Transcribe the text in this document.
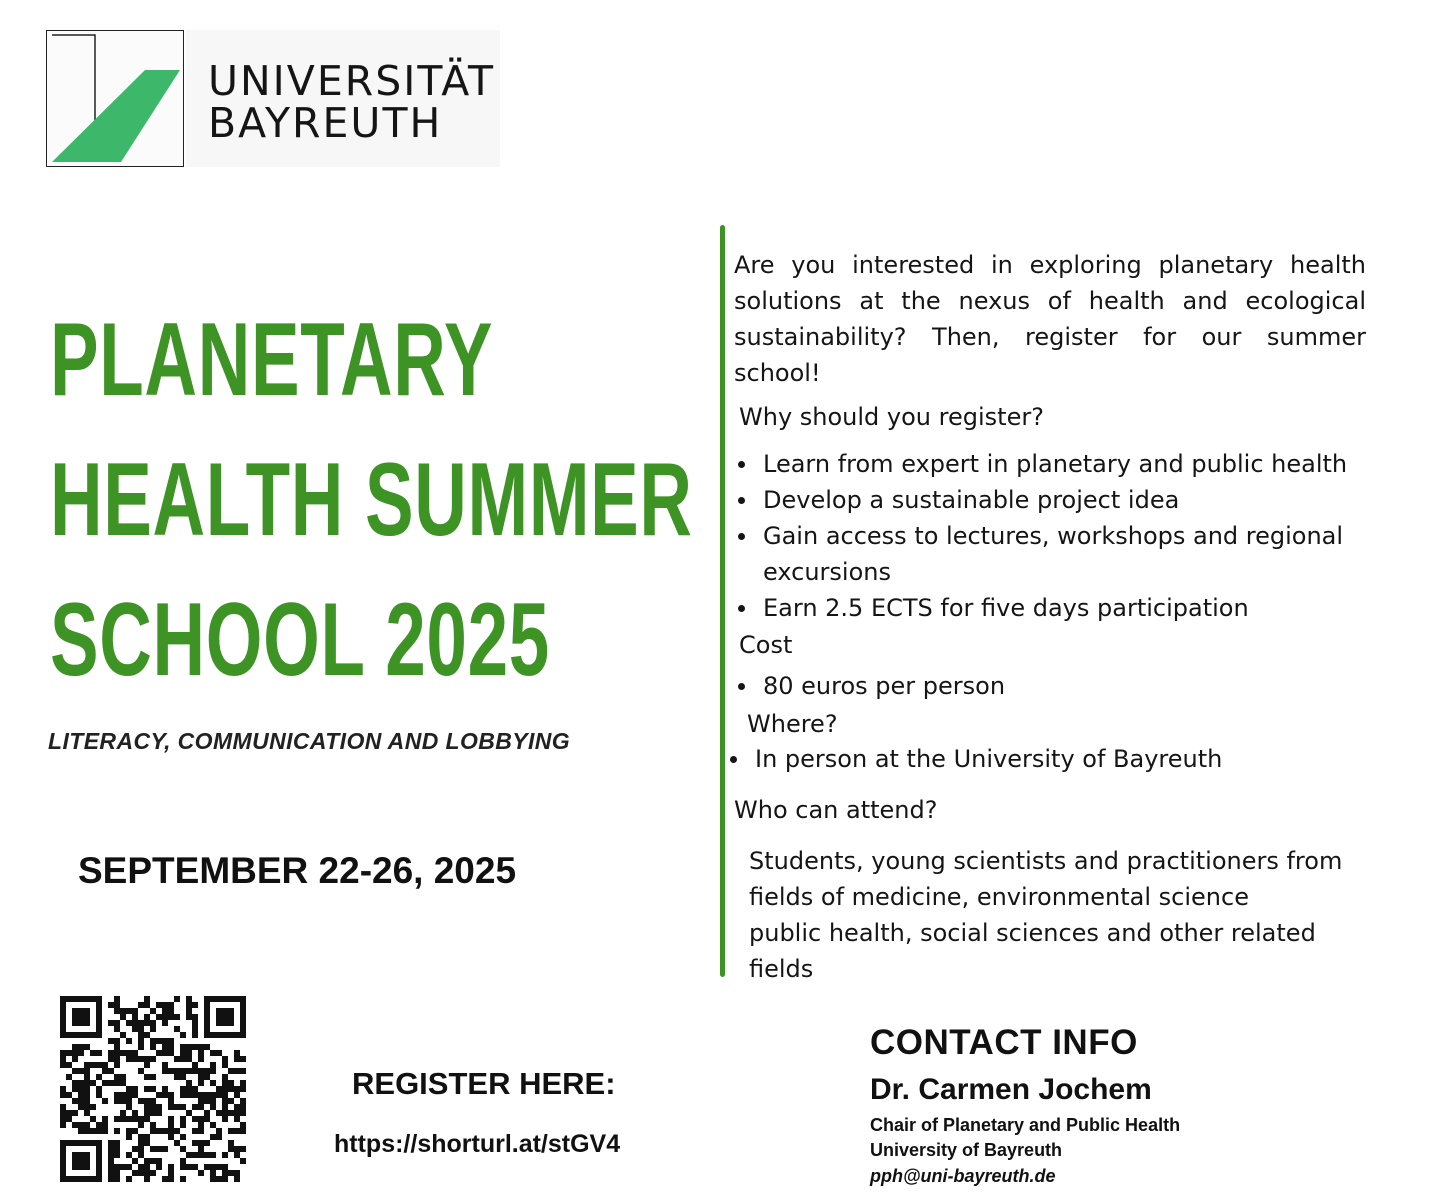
UNIVERSITÄT
BAYREUTH
PLANETARY
HEALTH SUMMER
SCHOOL 2025
LITERACY, COMMUNICATION AND LOBBYING
SEPTEMBER 22-26, 2025
Are you interested in exploring planetary health solutions at the nexus of health and ecological sustainability? Then, register for our summer school!
Why should you register?
Learn from expert in planetary and public health
Develop a sustainable project idea
Gain access to lectures, workshops and regional excursions
Earn 2.5 ECTS for five days participation
Cost
80 euros per person
Where?
In person at the University of Bayreuth
Who can attend?
Students, young scientists and practitioners from
fields of medicine, environmental science
public health, social sciences and other related
fields
REGISTER HERE:
https://shorturl.at/stGV4
CONTACT INFO
Dr. Carmen Jochem
Chair of Planetary and Public Health
University of Bayreuth
pph@uni-bayreuth.de
